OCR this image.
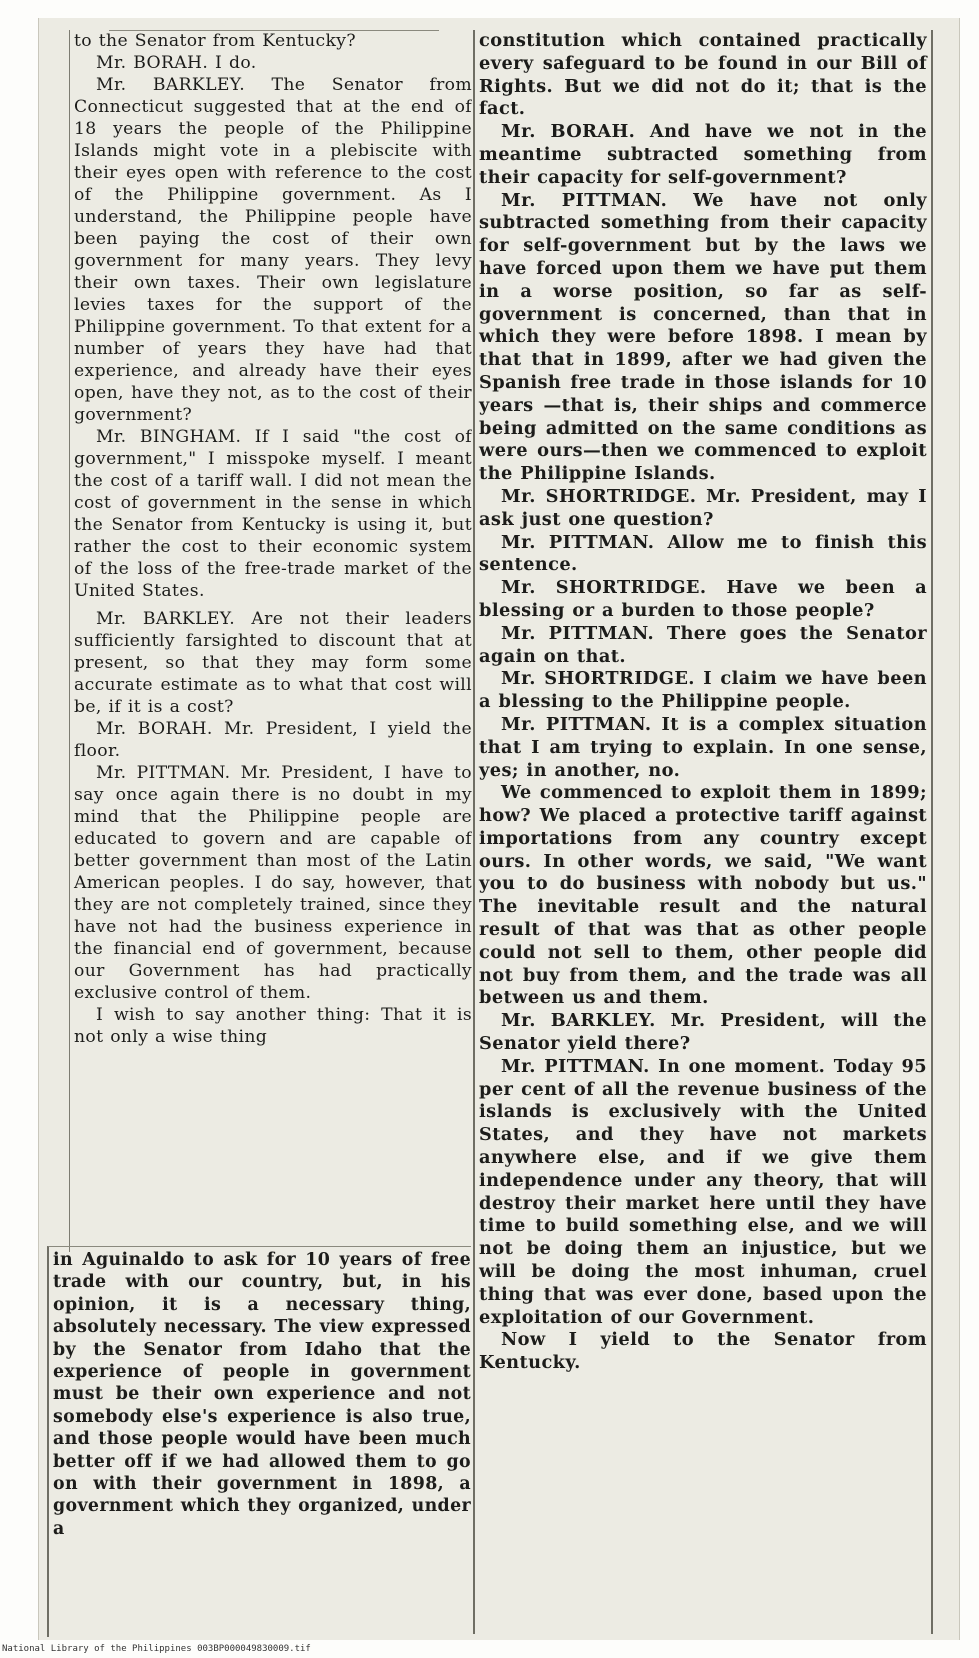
to the Senator from Kentucky?

Mr. BORAH. I do.

Mr. BARKLEY. The Senator from Connecticut suggested that at the end of 18 years the people of the Philippine Islands might vote in a plebiscite with their eyes open with reference to the cost of the Philippine government. As I understand, the Philippine people have been paying the cost of their own government for many years. They levy their own taxes. Their own legislature levies taxes for the support of the Philippine government. To that extent for a number of years they have had that experience, and already have their eyes open, have they not, as to the cost of their government?

Mr. BINGHAM. If I said "the cost of government," I misspoke myself. I meant the cost of a tariff wall. I did not mean the cost of government in the sense in which the Senator from Kentucky is using it, but rather the cost to their economic system of the loss of the free-trade market of the United States.

Mr. BARKLEY. Are not their leaders sufficiently farsighted to discount that at present, so that they may form some accurate estimate as to what that cost will be, if it is a cost?

Mr. BORAH. Mr. President, I yield the floor.

Mr. PITTMAN. Mr. President, I have to say once again there is no doubt in my mind that the Philippine people are educated to govern and are capable of better government than most of the Latin American peoples. I do say, however, that they are not completely trained, since they have not had the business experience in the financial end of government, because our Government has had practically exclusive control of them.

I wish to say another thing: That it is not only a wise thing

in Aguinaldo to ask for 10 years of free trade with our country, but, in his opinion, it is a necessary thing, absolutely necessary. The view expressed by the Senator from Idaho that the experience of people in government must be their own experience and not somebody else's experience is also true, and those people would have been much better off if we had allowed them to go on with their government in 1898, a government which they organized, under a

constitution which contained practically every safeguard to be found in our Bill of Rights. But we did not do it; that is the fact.

Mr. BORAH. And have we not in the meantime subtracted something from their capacity for self-government?

Mr. PITTMAN. We have not only subtracted something from their capacity for self-government but by the laws we have forced upon them we have put them in a worse position, so far as self-government is concerned, than that in which they were before 1898. I mean by that that in 1899, after we had given the Spanish free trade in those islands for 10 years —that is, their ships and commerce being admitted on the same conditions as were ours—then we commenced to exploit the Philippine Islands.

Mr. SHORTRIDGE. Mr. President, may I ask just one question?

Mr. PITTMAN. Allow me to finish this sentence.

Mr. SHORTRIDGE. Have we been a blessing or a burden to those people?

Mr. PITTMAN. There goes the Senator again on that.

Mr. SHORTRIDGE. I claim we have been a blessing to the Philippine people.

Mr. PITTMAN. It is a complex situation that I am trying to explain. In one sense, yes; in another, no.

We commenced to exploit them in 1899; how? We placed a protective tariff against importations from any country except ours. In other words, we said, "We want you to do business with nobody but us." The inevitable result and the natural result of that was that as other people could not sell to them, other people did not buy from them, and the trade was all between us and them.

Mr. BARKLEY. Mr. President, will the Senator yield there?

Mr. PITTMAN. In one moment. Today 95 per cent of all the revenue business of the islands is exclusively with the United States, and they have not markets anywhere else, and if we give them independence under any theory, that will destroy their market here until they have time to build something else, and we will not be doing them an injustice, but we will be doing the most inhuman, cruel thing that was ever done, based upon the exploitation of our Government.

Now I yield to the Senator from Kentucky.

National Library of the Philippines 003BP000049830009.tif
